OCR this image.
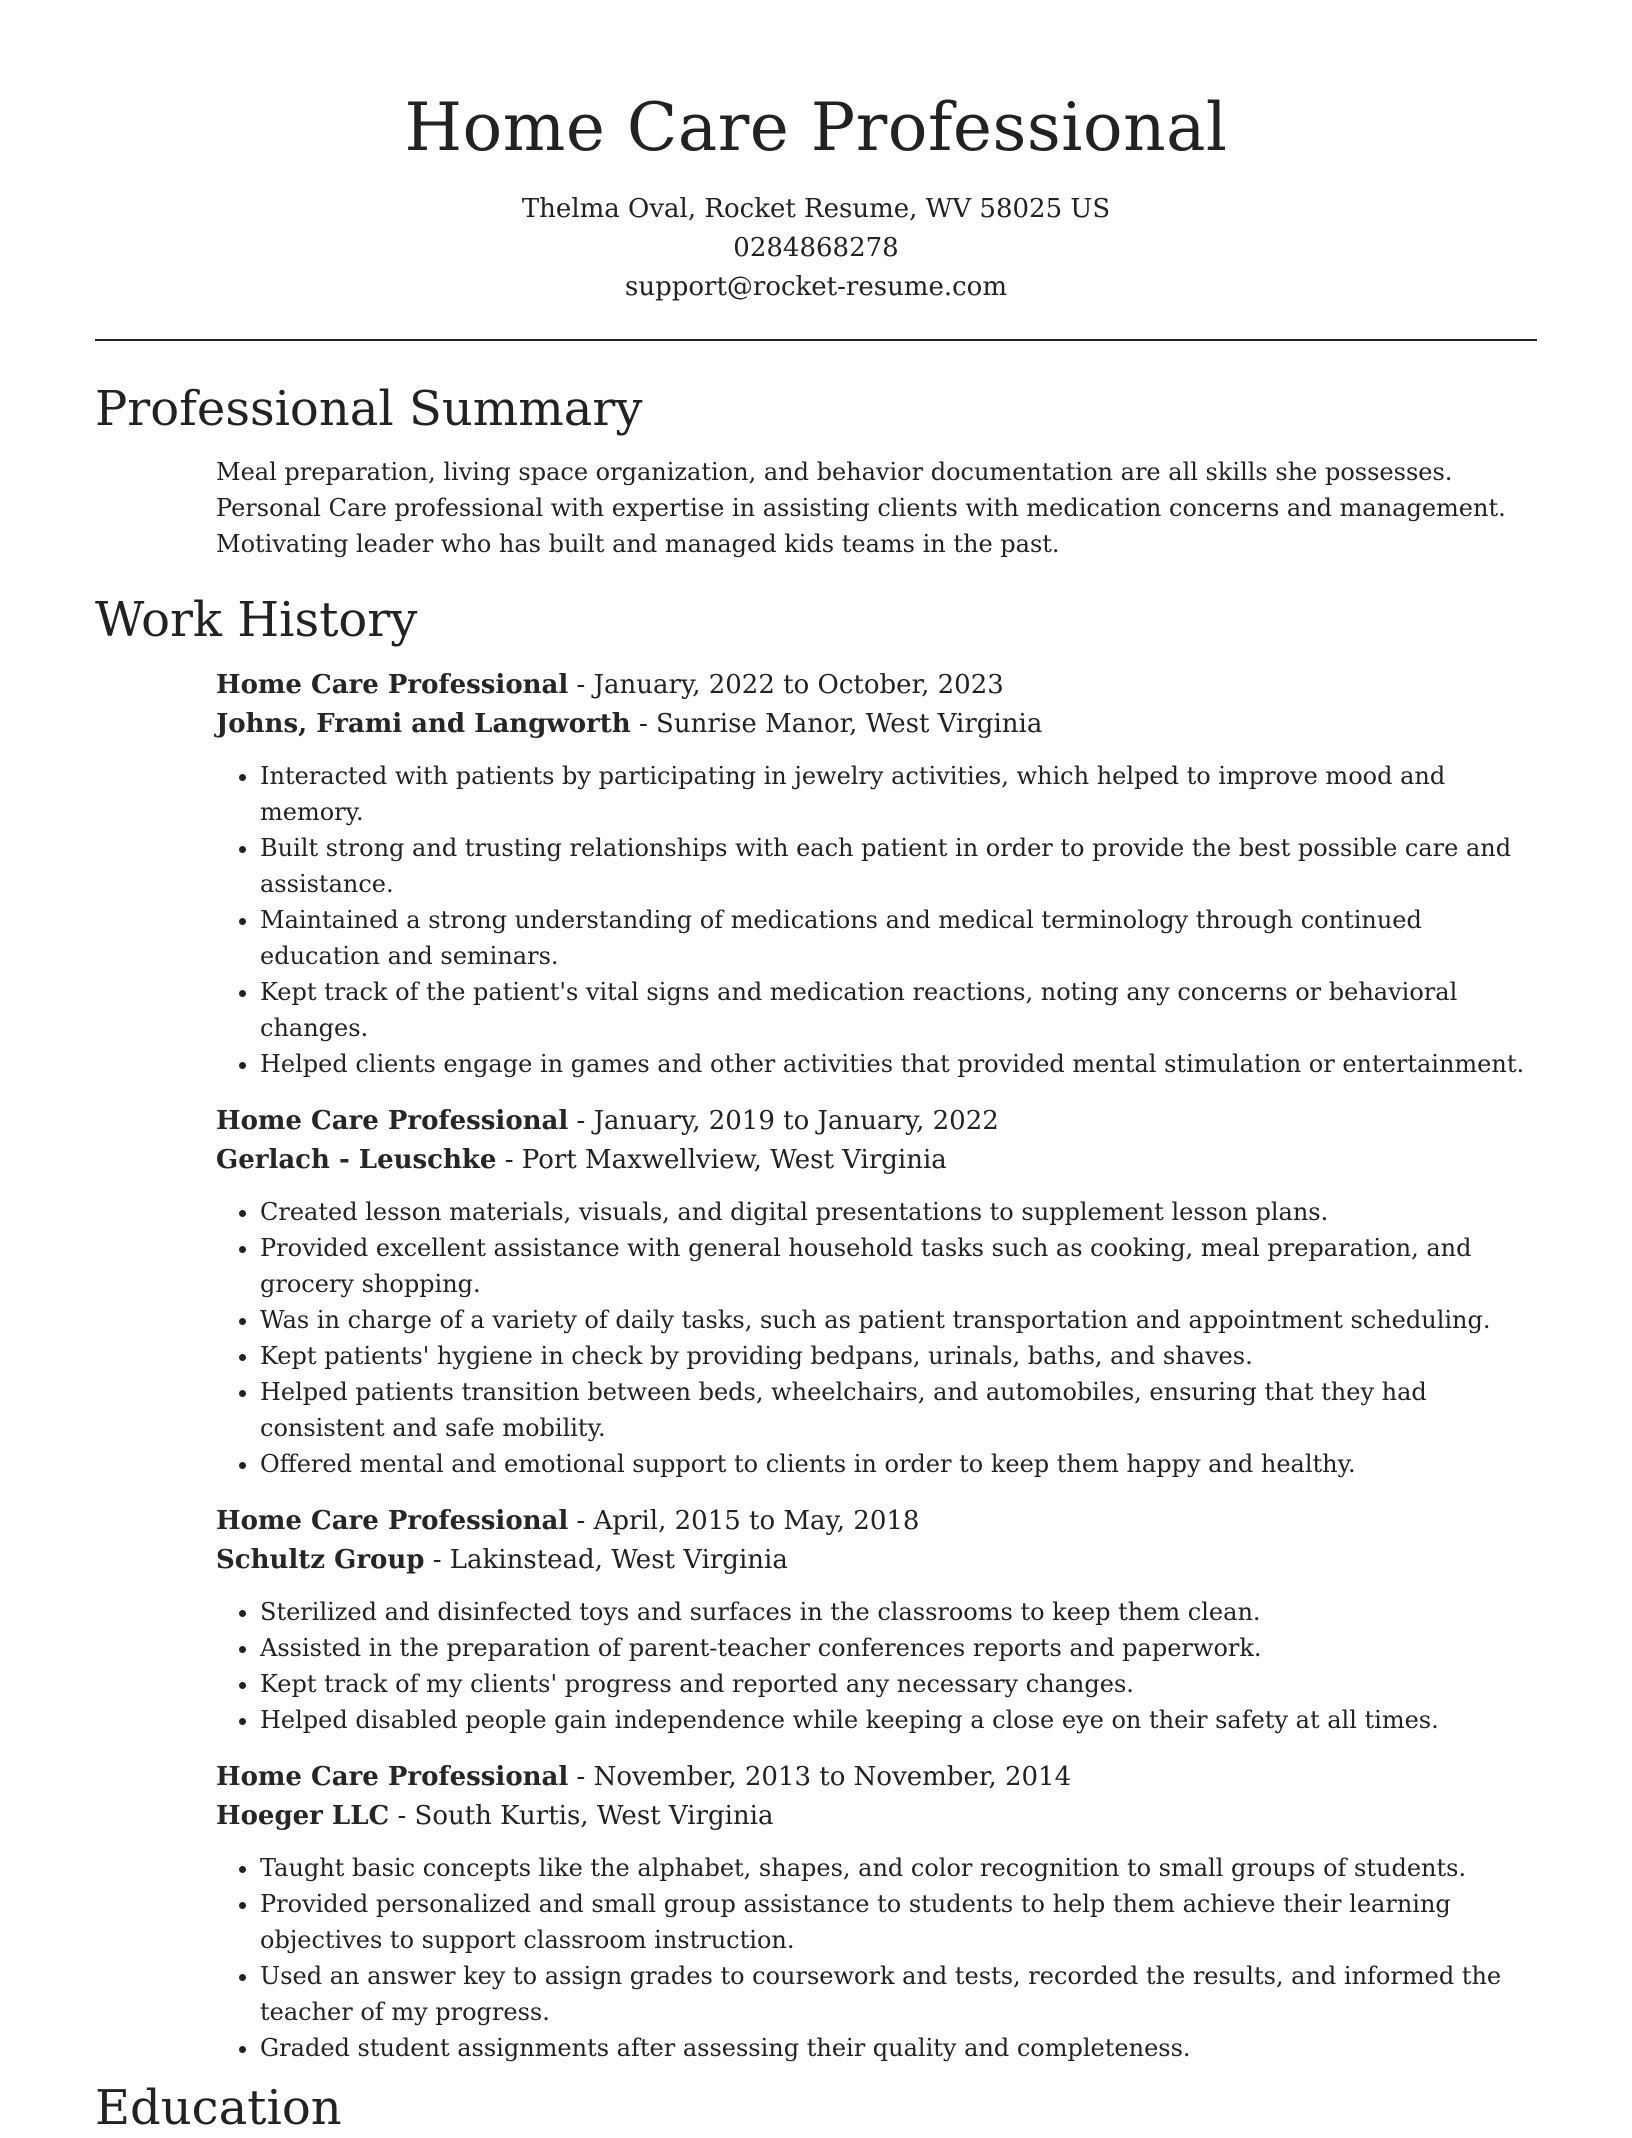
Home Care Professional

Thelma Oval, Rocket Resume, WV 58025 US

0284868278

support@rocket-resume.com

Professional Summary

Meal preparation, living space organization, and behavior documentation are all skills she possesses. Personal Care professional with expertise in assisting clients with medication concerns and management. Motivating leader who has built and managed kids teams in the past.

Work History

Home Care Professional - January, 2022 to October, 2023

Johns, Frami and Langworth - Sunrise Manor, West Virginia

• Interacted with patients by participating in jewelry activities, which helped to improve mood and memory.
• Built strong and trusting relationships with each patient in order to provide the best possible care and assistance.
• Maintained a strong understanding of medications and medical terminology through continued education and seminars.
• Kept track of the patient's vital signs and medication reactions, noting any concerns or behavioral changes.
• Helped clients engage in games and other activities that provided mental stimulation or entertainment.

Home Care Professional - January, 2019 to January, 2022

Gerlach - Leuschke - Port Maxwellview, West Virginia

• Created lesson materials, visuals, and digital presentations to supplement lesson plans.
• Provided excellent assistance with general household tasks such as cooking, meal preparation, and grocery shopping.
• Was in charge of a variety of daily tasks, such as patient transportation and appointment scheduling.
• Kept patients' hygiene in check by providing bedpans, urinals, baths, and shaves.
• Helped patients transition between beds, wheelchairs, and automobiles, ensuring that they had consistent and safe mobility.
• Offered mental and emotional support to clients in order to keep them happy and healthy.

Home Care Professional - April, 2015 to May, 2018

Schultz Group - Lakinstead, West Virginia

• Sterilized and disinfected toys and surfaces in the classrooms to keep them clean.
• Assisted in the preparation of parent-teacher conferences reports and paperwork.
• Kept track of my clients' progress and reported any necessary changes.
• Helped disabled people gain independence while keeping a close eye on their safety at all times.

Home Care Professional - November, 2013 to November, 2014

Hoeger LLC - South Kurtis, West Virginia

• Taught basic concepts like the alphabet, shapes, and color recognition to small groups of students.
• Provided personalized and small group assistance to students to help them achieve their learning objectives to support classroom instruction.
• Used an answer key to assign grades to coursework and tests, recorded the results, and informed the teacher of my progress.
• Graded student assignments after assessing their quality and completeness.
Education
